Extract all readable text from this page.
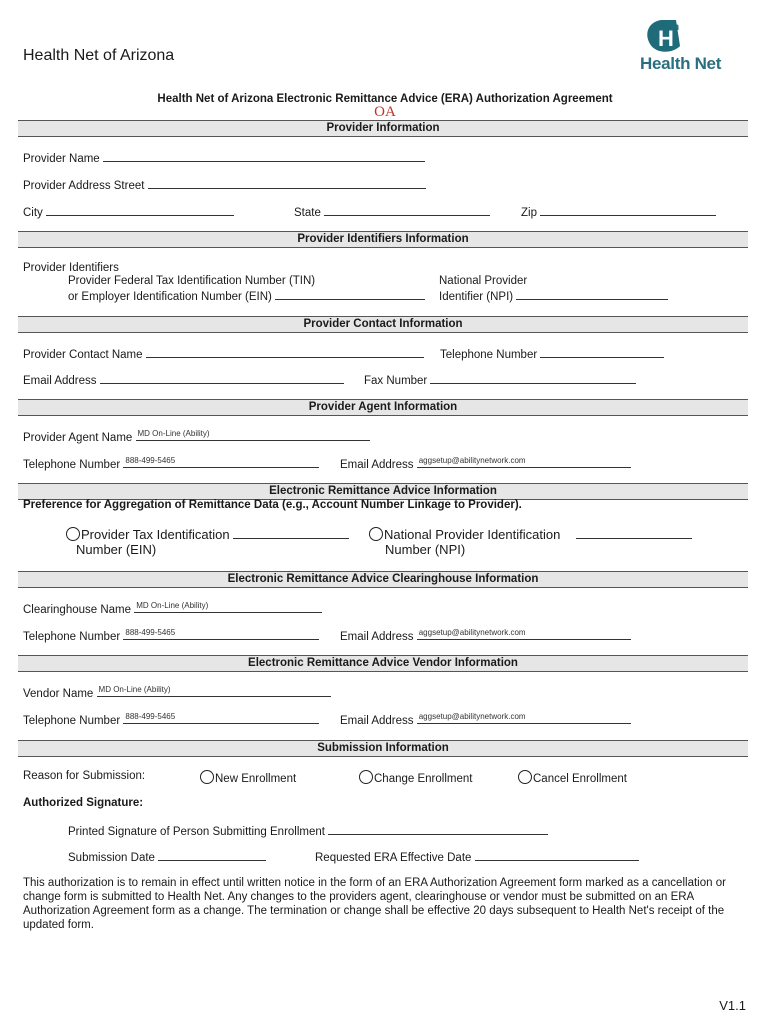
Health Net of Arizona
H n
Health Net
Health Net of Arizona Electronic Remittance Advice (ERA) Authorization Agreement
OA
Provider Information
Provider Name
Provider Address Street
City	State	Zip
Provider Identifiers Information
Provider Identifiers
Provider Federal Tax Identification Number (TIN)
or Employer Identification Number (EIN)
National Provider
Identifier (NPI)
Provider Contact Information
Provider Contact Name	Telephone Number
Email Address	Fax Number
Provider Agent Information
Provider Agent Name MD On-Line (Ability)
Telephone Number 888-499-5465	Email Address aggsetup@abilitynetwork.com
Electronic Remittance Advice Information
Preference for Aggregation of Remittance Data (e.g., Account Number Linkage to Provider).
Provider Tax Identification
Number (EIN)
National Provider Identification
Number (NPI)
Electronic Remittance Advice Clearinghouse Information
Clearinghouse Name MD On-Line (Ability)
Telephone Number 888-499-5465	Email Address aggsetup@abilitynetwork.com
Electronic Remittance Advice Vendor Information
Vendor Name MD On-Line (Ability)
Telephone Number 888-499-5465	Email Address aggsetup@abilitynetwork.com
Submission Information
Reason for Submission:	New Enrollment	Change Enrollment	Cancel Enrollment
Authorized Signature:
Printed Signature of Person Submitting Enrollment
Submission Date	Requested ERA Effective Date
This authorization is to remain in effect until written notice in the form of an ERA Authorization Agreement form marked as a cancellation or change form is submitted to Health Net. Any changes to the providers agent, clearinghouse or vendor must be submitted on an ERA Authorization Agreement form as a change. The termination or change shall be effective 20 days subsequent to Health Net's receipt of the updated form.
V1.1
